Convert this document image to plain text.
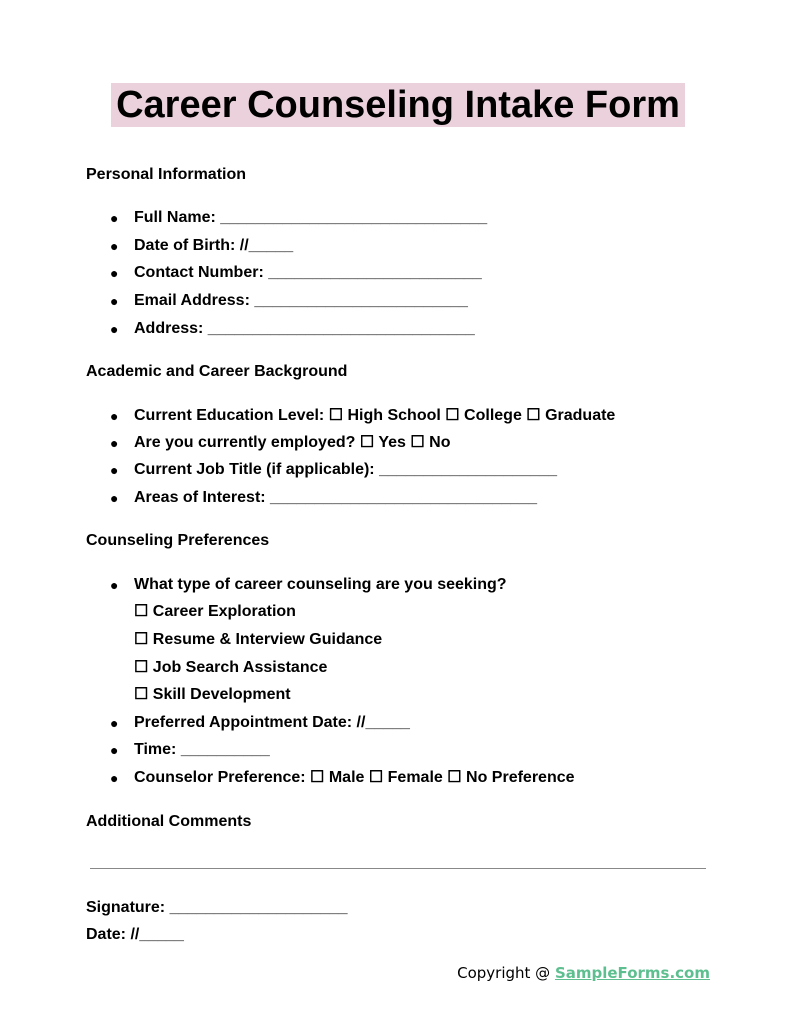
Career Counseling Intake Form
Personal Information
● Full Name: ______________________________
● Date of Birth: //_____
● Contact Number: ________________________
● Email Address: ________________________
● Address: ______________________________
Academic and Career Background
● Current Education Level: ☐ High School ☐ College ☐ Graduate
● Are you currently employed? ☐ Yes ☐ No
● Current Job Title (if applicable): ____________________
● Areas of Interest: ______________________________
Counseling Preferences
● What type of career counseling are you seeking?
☐ Career Exploration
☐ Resume & Interview Guidance
☐ Job Search Assistance
☐ Skill Development
● Preferred Appointment Date: //_____
● Time: __________
● Counselor Preference: ☐ Male ☐ Female ☐ No Preference
Additional Comments
Signature: ____________________
Date: //_____
Copyright @ SampleForms.com
